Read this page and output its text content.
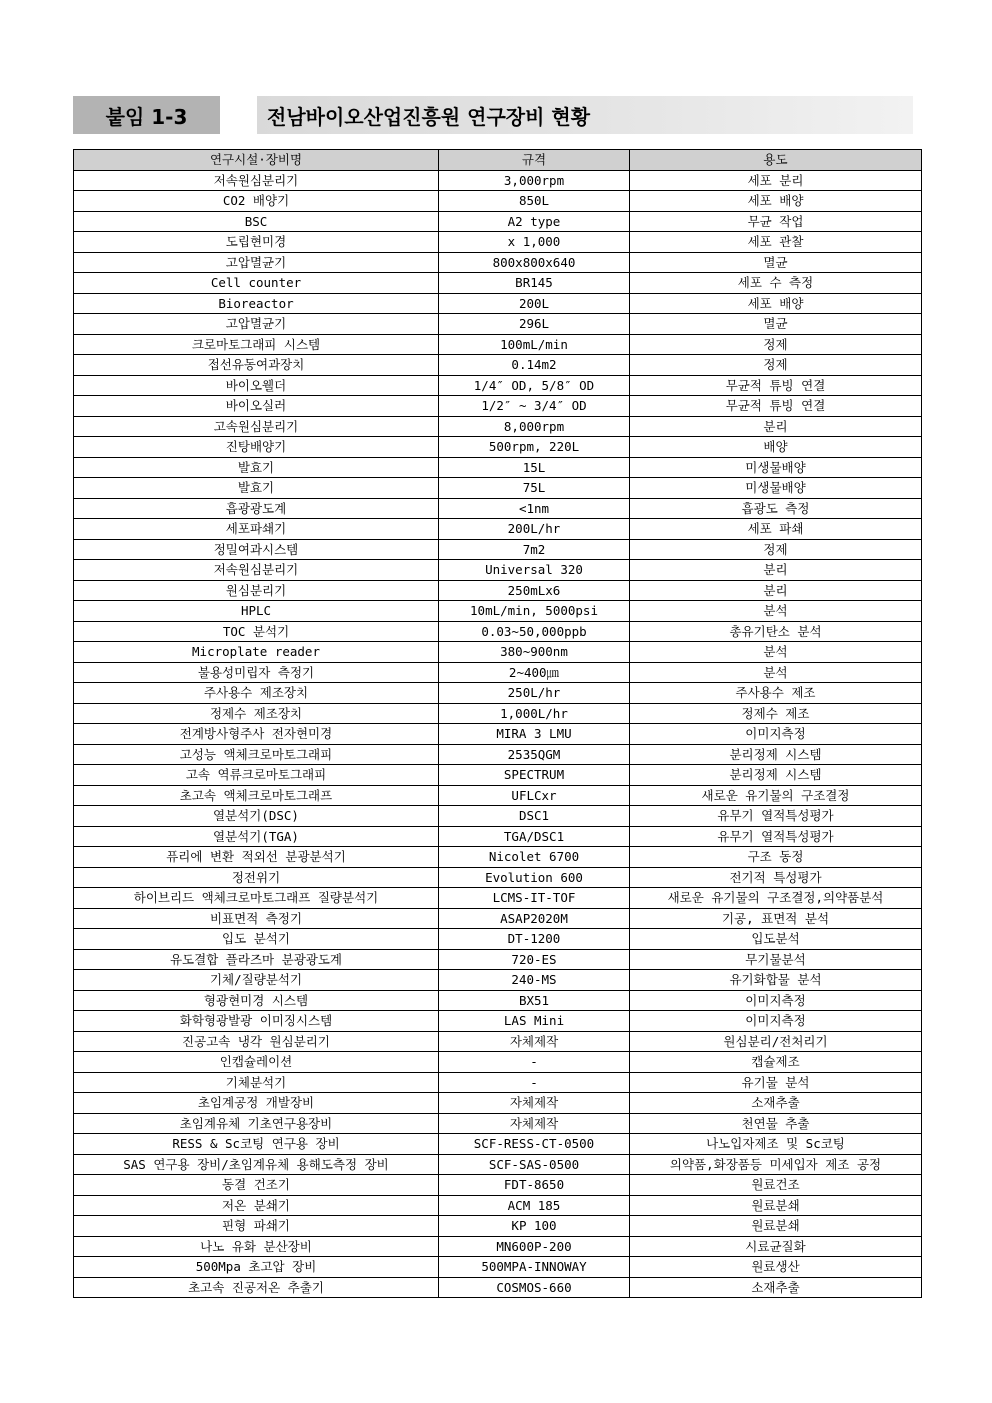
붙임 1-3	전남바이오산업진흥원 연구장비 현황
연구시설·장비명	규격	용도
저속원심분리기	3,000rpm	세포 분리
CO2 배양기	850L	세포 배양
BSC	A2 type	무균 작업
도립현미경	x 1,000	세포 관찰
고압멸균기	800x800x640	멸균
Cell counter	BR145	세포 수 측정
Bioreactor	200L	세포 배양
고압멸균기	296L	멸균
크로마토그래피 시스템	100mL/min	정제
접선유동여과장치	0.14m2	정제
바이오웰더	1/4″ OD, 5/8″ OD	무균적 튜빙 연결
바이오실러	1/2″ ~ 3/4″ OD	무균적 튜빙 연결
고속원심분리기	8,000rpm	분리
진탕배양기	500rpm, 220L	배양
발효기	15L	미생물배양
발효기	75L	미생물배양
흡광광도계	<1nm	흡광도 측정
세포파쇄기	200L/hr	세포 파쇄
정밀여과시스템	7m2	정제
저속원심분리기	Universal 320	분리
원심분리기	250mLx6	분리
HPLC	10mL/min, 5000psi	분석
TOC 분석기	0.03~50,000ppb	총유기탄소 분석
Microplate reader	380~900nm	분석
불용성미립자 측정기	2~400㎛	분석
주사용수 제조장치	250L/hr	주사용수 제조
정제수 제조장치	1,000L/hr	정제수 제조
전계방사형주사 전자현미경	MIRA 3 LMU	이미지측정
고성능 액체크로마토그래피	2535QGM	분리정제 시스템
고속 역류크로마토그래피	SPECTRUM	분리정제 시스템
초고속 액체크로마토그래프	UFLCxr	새로운 유기물의 구조결정
열분석기(DSC)	DSC1	유무기 열적특성평가
열분석기(TGA)	TGA/DSC1	유무기 열적특성평가
퓨리에 변환 적외선 분광분석기	Nicolet 6700	구조 동정
정전위기	Evolution 600	전기적 특성평가
하이브리드 액체크로마토그래프 질량분석기	LCMS-IT-TOF	새로운 유기물의 구조결정,의약품분석
비표면적 측정기	ASAP2020M	기공, 표면적 분석
입도 분석기	DT-1200	입도분석
유도결합 플라즈마 분광광도계	720-ES	무기물분석
기체/질량분석기	240-MS	유기화합물 분석
형광현미경 시스템	BX51	이미지측정
화학형광발광 이미징시스템	LAS Mini	이미지측정
진공고속 냉각 원심분리기	자체제작	원심분리/전처리기
인캡슐레이션	-	캡슐제조
기체분석기	-	유기물 분석
초임계공정 개발장비	자체제작	소재추출
초임계유체 기초연구용장비	자체제작	천연물 추출
RESS & Sc코팅 연구용 장비	SCF-RESS-CT-0500	나노입자제조 및 Sc코팅
SAS 연구용 장비/초임계유체 용해도측정 장비	SCF-SAS-0500	의약품,화장품등 미세입자 제조 공정
동결 건조기	FDT-8650	원료건조
저온 분쇄기	ACM 185	원료분쇄
핀형 파쇄기	KP 100	원료분쇄
나노 유화 분산장비	MN600P-200	시료균질화
500Mpa 초고압 장비	500MPA-INNOWAY	원료생산
초고속 진공저온 추출기	COSMOS-660	소재추출
